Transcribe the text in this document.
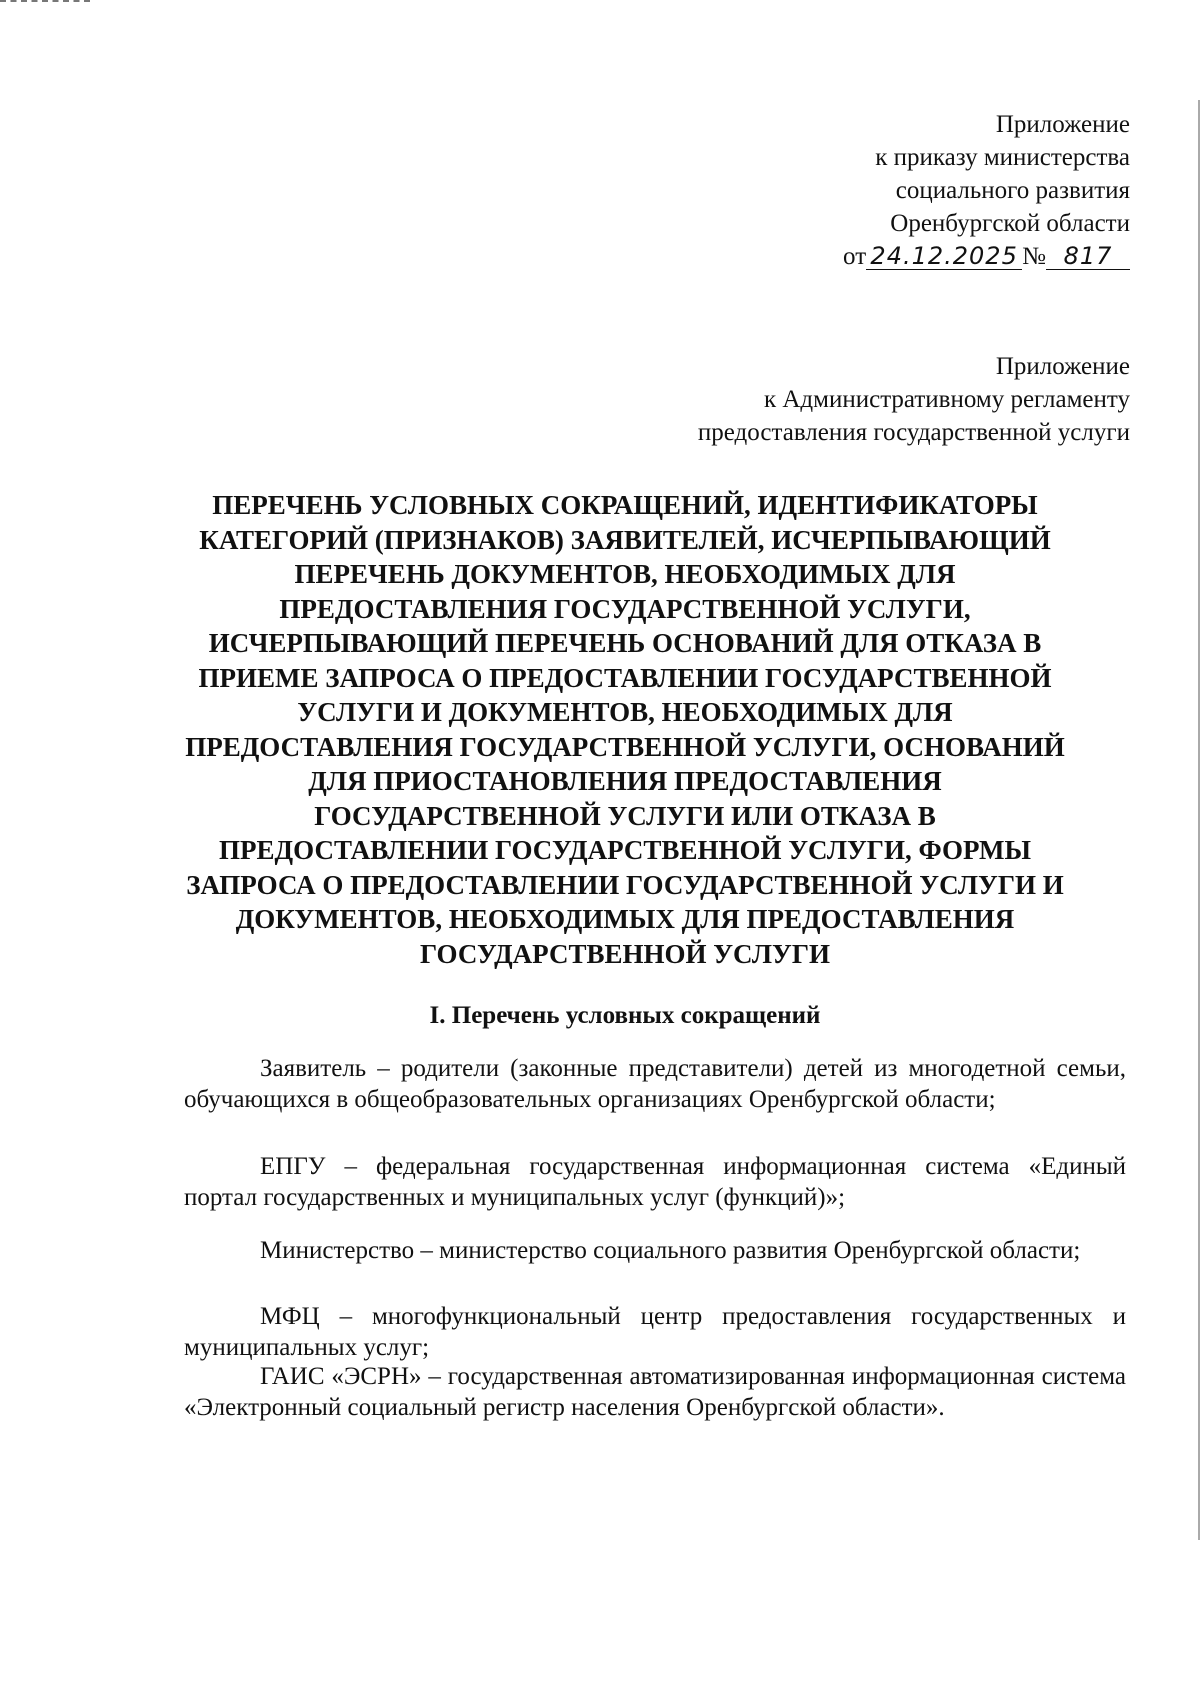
Приложение
к приказу министерства
социального развития
Оренбургской области
от 24.12.2025 № 817
Приложение
к Административному регламенту
предоставления государственной услуги
ПЕРЕЧЕНЬ УСЛОВНЫХ СОКРАЩЕНИЙ, ИДЕНТИФИКАТОРЫ
КАТЕГОРИЙ (ПРИЗНАКОВ) ЗАЯВИТЕЛЕЙ, ИСЧЕРПЫВАЮЩИЙ
ПЕРЕЧЕНЬ ДОКУМЕНТОВ, НЕОБХОДИМЫХ ДЛЯ
ПРЕДОСТАВЛЕНИЯ ГОСУДАРСТВЕННОЙ УСЛУГИ,
ИСЧЕРПЫВАЮЩИЙ ПЕРЕЧЕНЬ ОСНОВАНИЙ ДЛЯ ОТКАЗА В
ПРИЕМЕ ЗАПРОСА О ПРЕДОСТАВЛЕНИИ ГОСУДАРСТВЕННОЙ
УСЛУГИ И ДОКУМЕНТОВ, НЕОБХОДИМЫХ ДЛЯ
ПРЕДОСТАВЛЕНИЯ ГОСУДАРСТВЕННОЙ УСЛУГИ, ОСНОВАНИЙ
ДЛЯ ПРИОСТАНОВЛЕНИЯ ПРЕДОСТАВЛЕНИЯ
ГОСУДАРСТВЕННОЙ УСЛУГИ ИЛИ ОТКАЗА В
ПРЕДОСТАВЛЕНИИ ГОСУДАРСТВЕННОЙ УСЛУГИ, ФОРМЫ
ЗАПРОСА О ПРЕДОСТАВЛЕНИИ ГОСУДАРСТВЕННОЙ УСЛУГИ И
ДОКУМЕНТОВ, НЕОБХОДИМЫХ ДЛЯ ПРЕДОСТАВЛЕНИЯ
ГОСУДАРСТВЕННОЙ УСЛУГИ
I. Перечень условных сокращений

Заявитель – родители (законные представители) детей из многодетной семьи, обучающихся в общеобразовательных организациях Оренбургской области;

ЕПГУ – федеральная государственная информационная система «Единый портал государственных и муниципальных услуг (функций)»;

Министерство – министерство социального развития Оренбургской области;

МФЦ – многофункциональный центр предоставления государственных и муниципальных услуг;

ГАИС «ЭСРН» – государственная автоматизированная информационная система «Электронный социальный регистр населения Оренбургской области».
